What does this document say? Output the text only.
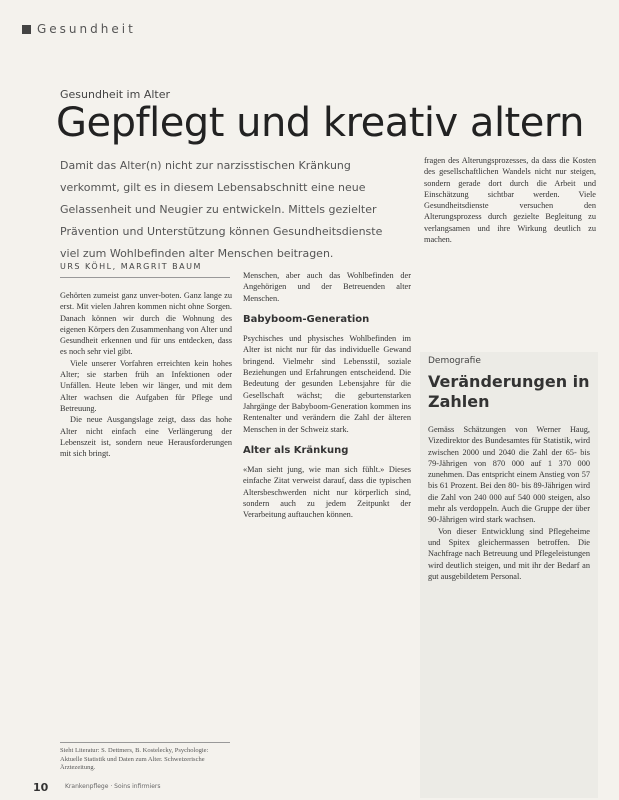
Gesundheit
Gesundheit im Alter
Gepflegt und kreativ altern
Damit das Alter(n) nicht zur narzisstischen Kränkung verkommt, gilt es in diesem Lebensabschnitt eine neue Gelassenheit und Neugier zu entwickeln. Mittels gezielter Prävention und Unterstützung können Gesundheitsdienste viel zum Wohlbefinden alter Menschen beitragen.
URS KÖHL, MARGRIT BAUM

Gehörten zumeist ganz unver-boten. Ganz lange zu erst. Mit vielen Jahren kommen nicht ohne Sorgen. Danach können wir durch die Wohnung des eigenen Körpers den Zusammenhang von Alter und Gesundheit erkennen und für uns entdecken, dass es noch sehr viel gibt.

Viele unserer Vorfahren erreichten kein hohes Alter; sie starben früh an Infektionen oder Unfällen. Heute leben wir länger, und mit dem Alter wachsen die Aufgaben für Pflege und Betreuung.

Die neue Ausgangslage zeigt, dass das hohe Alter nicht einfach eine Verlängerung der Lebenszeit ist, sondern neue Herausforderungen mit sich bringt.

Menschen, aber auch das Wohlbefinden der Angehörigen und der Betreuenden alter Menschen.

Babyboom-Generation

Psychisches und physisches Wohlbefinden im Alter ist nicht nur für das individuelle Gewand bringend. Vielmehr sind Lebensstil, soziale Beziehungen und Erfahrungen entscheidend. Die Bedeutung der gesunden Lebensjahre für die Gesellschaft wächst; die geburtenstarken Jahrgänge der Babyboom-Generation kommen ins Rentenalter und verändern die Zahl der älteren Menschen in der Schweiz stark.

Alter als Kränkung

«Man sieht jung, wie man sich fühlt.» Dieses einfache Zitat verweist darauf, dass die typischen Altersbeschwerden nicht nur körperlich sind, sondern auch zu jedem Zeitpunkt der Verarbeitung auftauchen können.

fragen des Alterungsprozesses, da dass die Kosten des gesellschaftlichen Wandels nicht nur steigen, sondern gerade dort durch die Arbeit und Einschätzung sichtbar werden. Viele Gesundheitsdienste versuchen den Alterungsprozess durch gezielte Begleitung zu verlangsamen und ihre Wirkung deutlich zu machen.

Demografie
Veränderungen in Zahlen

Gemäss Schätzungen von Werner Haug, Vizedirektor des Bundesamtes für Statistik, wird zwischen 2000 und 2040 die Zahl der 65- bis 79-Jährigen von 870 000 auf 1 370 000 zunehmen. Das entspricht einem Anstieg von 57 bis 61 Prozent. Bei den 80- bis 89-Jährigen wird die Zahl von 240 000 auf 540 000 steigen, also mehr als verdoppeln. Auch die Gruppe der über 90-Jährigen wird stark wachsen.

Von dieser Entwicklung sind Pflegeheime und Spitex gleichermassen betroffen. Die Nachfrage nach Betreuung und Pflegeleistungen wird deutlich steigen, und mit ihr der Bedarf an gut ausgebildetem Personal.

Sieht Literatur: S. Dettmers, B. Kostelecky, Psychologie: Aktuelle Statistik und Daten zum Alter. Schweizerische Ärztezeitung.
10	Krankenpflege · Soins infirmiers
